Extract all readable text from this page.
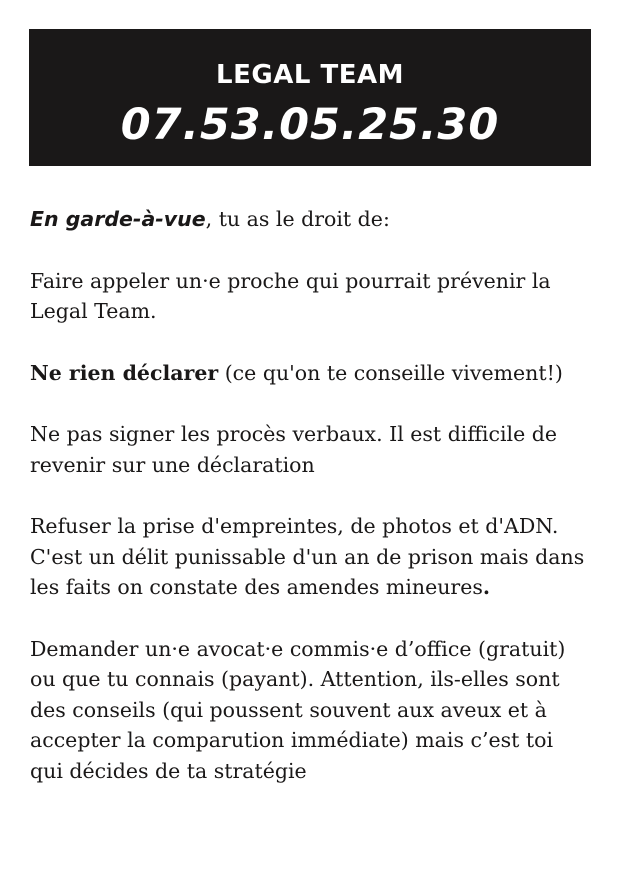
LEGAL TEAM
07.53.05.25.30

En garde-à-vue, tu as le droit de:

Faire appeler un·e proche qui pourrait prévenir la Legal Team.

Ne rien déclarer (ce qu'on te conseille vivement!)

Ne pas signer les procès verbaux. Il est difficile de revenir sur une déclaration

Refuser la prise d'empreintes, de photos et d'ADN. C'est un délit punissable d'un an de prison mais dans les faits on constate des amendes mineures.

Demander un·e avocat·e commis·e d’office (gratuit) ou que tu connais (payant). Attention, ils-elles sont des conseils (qui poussent souvent aux aveux et à accepter la comparution immédiate) mais c’est toi qui décides de ta stratégie
